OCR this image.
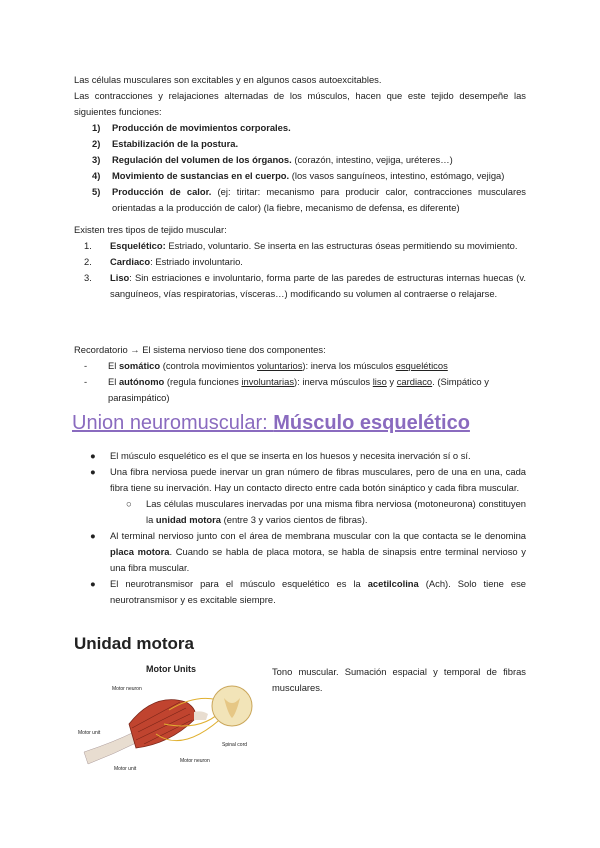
Las células musculares son excitables y en algunos casos autoexcitables.

Las contracciones y relajaciones alternadas de los músculos, hacen que este tejido desempeñe las siguientes funciones:

1) Producción de movimientos corporales.
2) Estabilización de la postura.
3) Regulación del volumen de los órganos. (corazón, intestino, vejiga, uréteres…)
4) Movimiento de sustancias en el cuerpo. (los vasos sanguíneos, intestino, estómago, vejiga)
5) Producción de calor. (ej: tiritar: mecanismo para producir calor, contracciones musculares orientadas a la producción de calor) (la fiebre, mecanismo de defensa, es diferente)

Existen tres tipos de tejido muscular:

1. Esquelético: Estriado, voluntario. Se inserta en las estructuras óseas permitiendo su movimiento.
2. Cardiaco: Estriado involuntario.
3. Liso: Sin estriaciones e involuntario, forma parte de las paredes de estructuras internas huecas (v. sanguíneos, vías respiratorias, vísceras…) modificando su volumen al contraerse o relajarse.

Recordatorio → El sistema nervioso tiene dos componentes:

- El somático (controla movimientos voluntarios): inerva los músculos esqueléticos
- El autónomo (regula funciones involuntarias): inerva músculos liso y cardiaco. (Simpático y parasimpático)
Union neuromuscular: Músculo esquelético
● El músculo esquelético es el que se inserta en los huesos y necesita inervación sí o sí.
● Una fibra nerviosa puede inervar un gran número de fibras musculares, pero de una en una, cada fibra tiene su inervación. Hay un contacto directo entre cada botón sináptico y cada fibra muscular.
○ Las células musculares inervadas por una misma fibra nerviosa (motoneurona) constituyen la unidad motora (entre 3 y varios cientos de fibras).
● Al terminal nervioso junto con el área de membrana muscular con la que contacta se le denomina placa motora. Cuando se habla de placa motora, se habla de sinapsis entre terminal nervioso y una fibra muscular.
● El neurotransmisor para el músculo esquelético es la acetilcolina (Ach). Solo tiene ese neurotransmisor y es excitable siempre.
Unidad motora
Motor Units
Motor neuron
Motor unit
Motor unit
Motor neuron
Spinal cord

Tono muscular. Sumación espacial y temporal de fibras musculares.
